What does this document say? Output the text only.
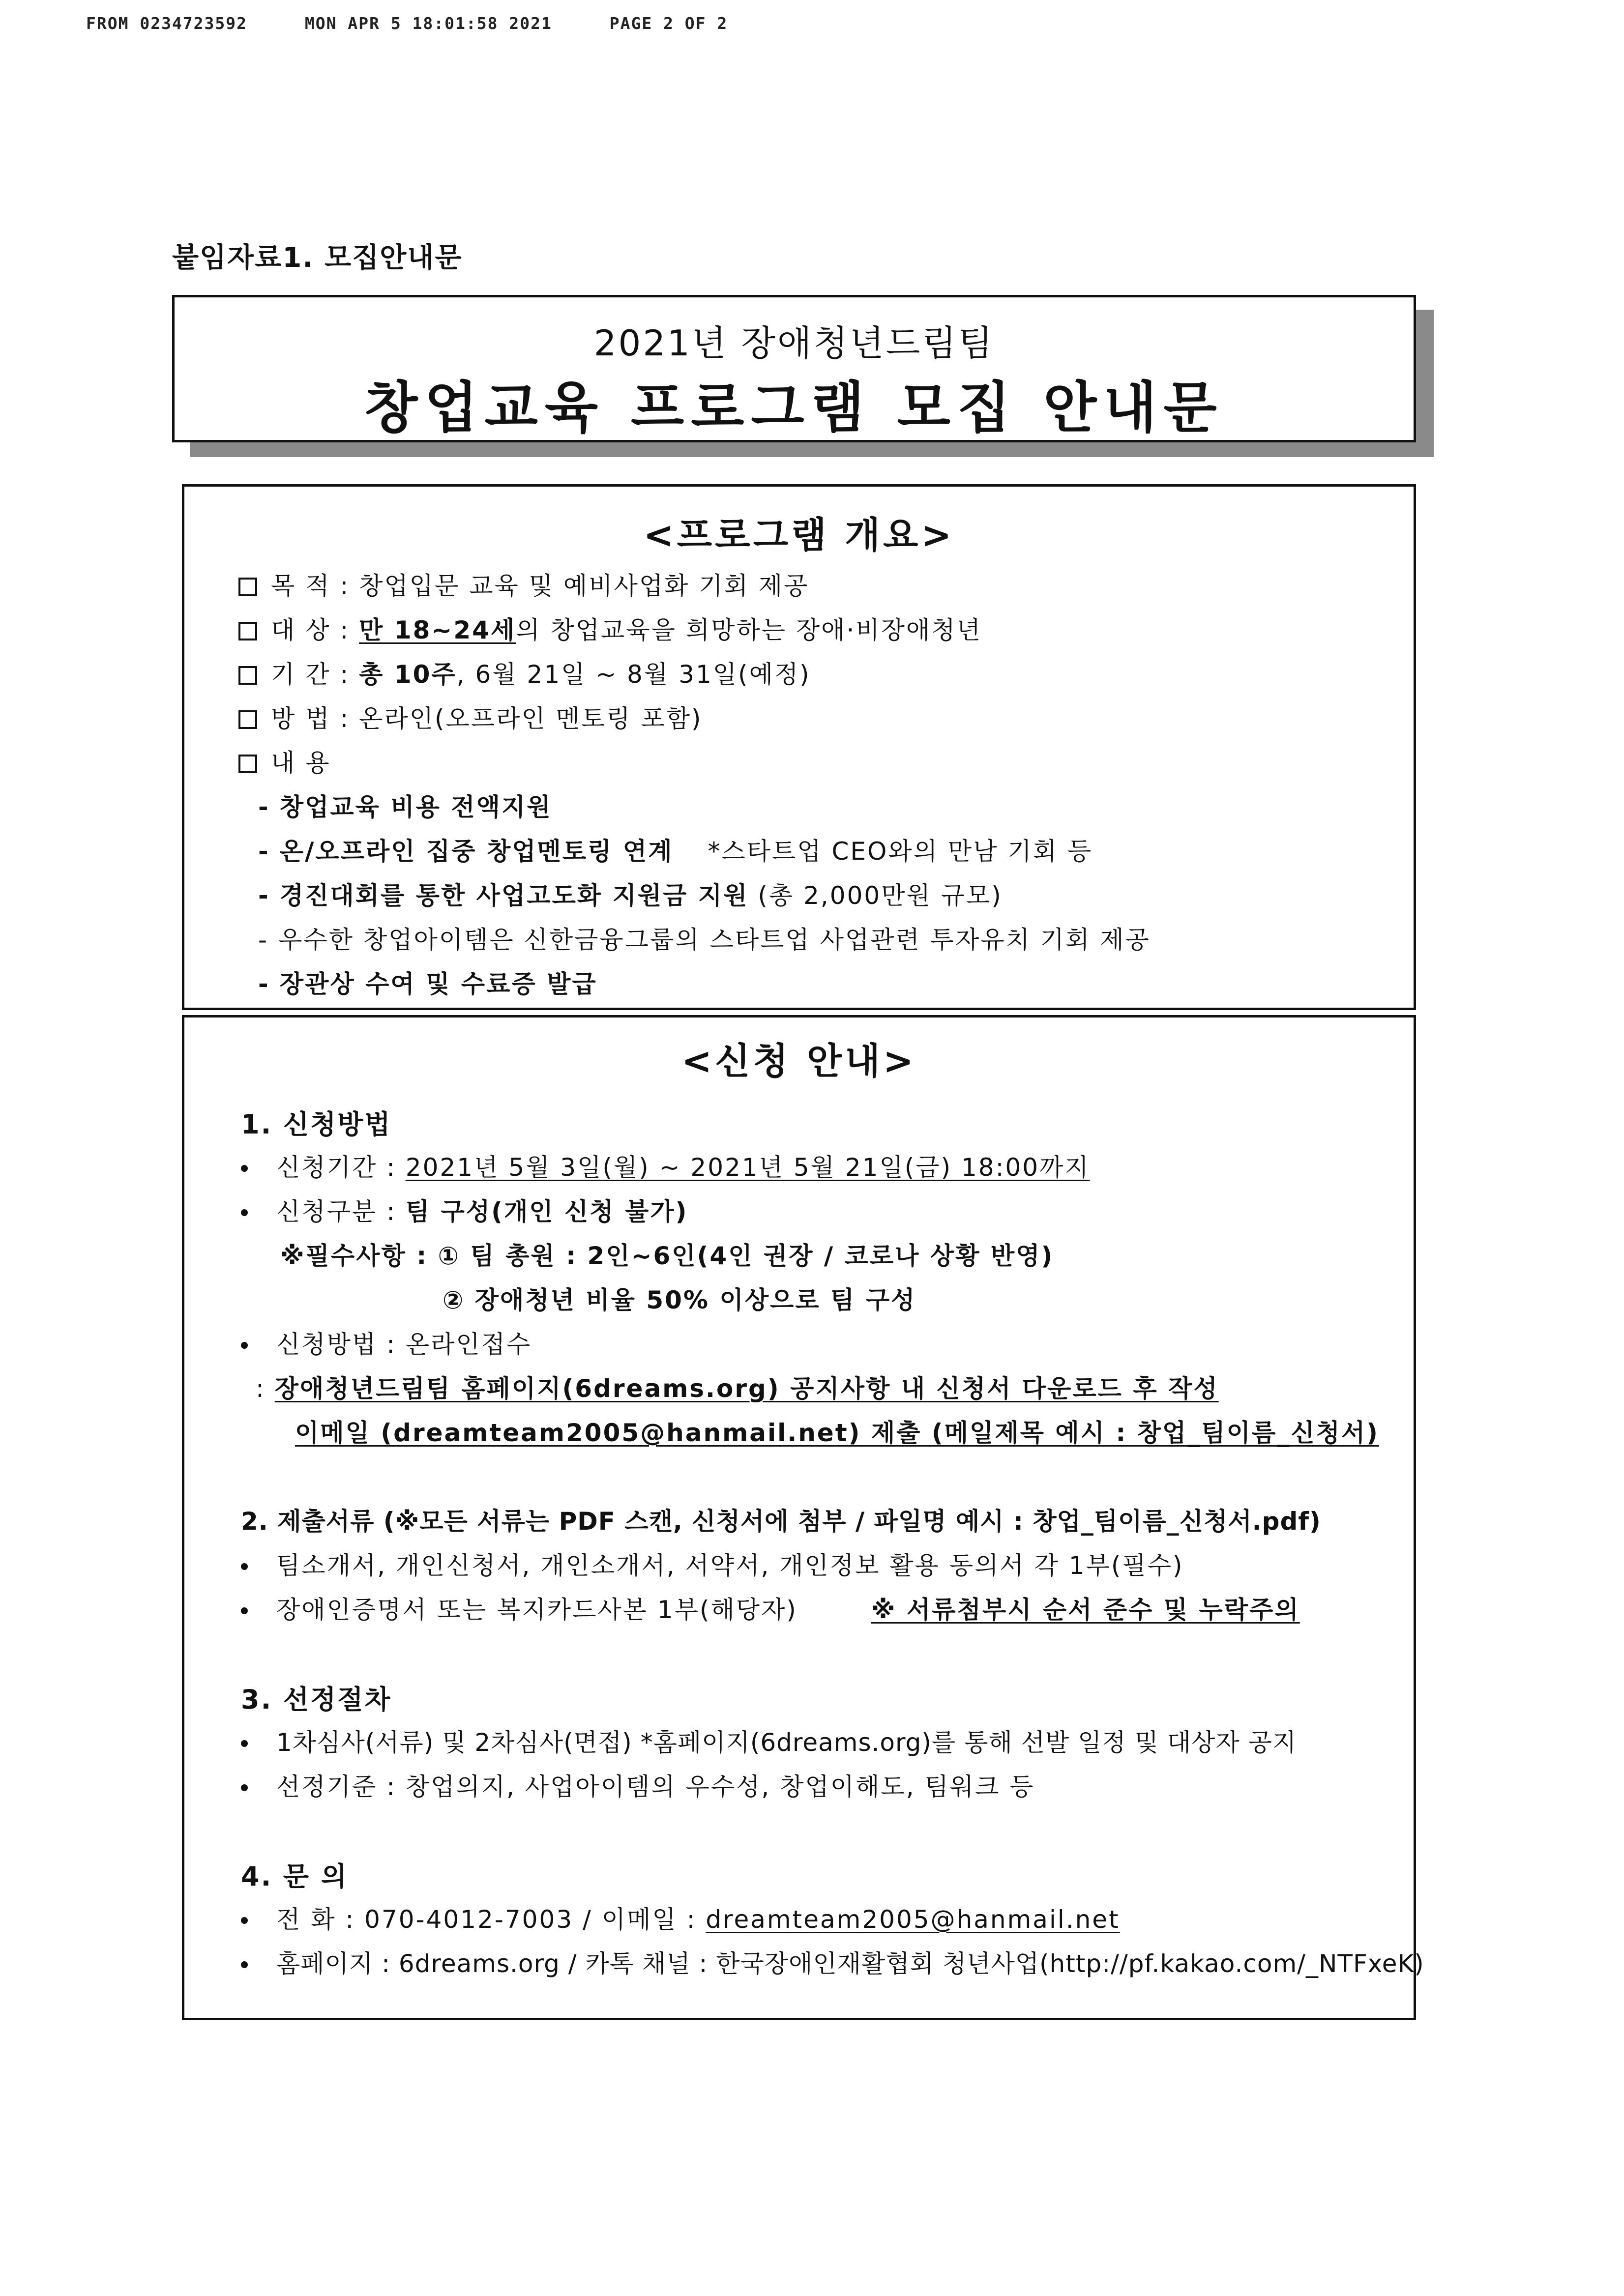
FROM 0234723592	MON APR 5 18:01:58 2021	PAGE 2 OF 2
붙임자료1. 모집안내문
2021년 장애청년드림팀
창업교육 프로그램 모집 안내문
<프로그램 개요>
목 적 : 창업입문 교육 및 예비사업화 기회 제공
대 상 : 만 18~24세의 창업교육을 희망하는 장애·비장애청년
기 간 : 총 10주, 6월 21일 ~ 8월 31일(예정)
방 법 : 온라인(오프라인 멘토링 포함)
내 용
- 창업교육 비용 전액지원
- 온/오프라인 집중 창업멘토링 연계 *스타트업 CEO와의 만남 기회 등
- 경진대회를 통한 사업고도화 지원금 지원 (총 2,000만원 규모)
- 우수한 창업아이템은 신한금융그룹의 스타트업 사업관련 투자유치 기회 제공
- 장관상 수여 및 수료증 발급
<신청 안내>
1. 신청방법
신청기간 : 2021년 5월 3일(월) ~ 2021년 5월 21일(금) 18:00까지
신청구분 : 팀 구성(개인 신청 불가)
※필수사항 : ① 팀 총원 : 2인~6인(4인 권장 / 코로나 상황 반영)
② 장애청년 비율 50% 이상으로 팀 구성
신청방법 : 온라인접수
: 장애청년드림팀 홈페이지(6dreams.org) 공지사항 내 신청서 다운로드 후 작성
이메일 (dreamteam2005@hanmail.net) 제출 (메일제목 예시 : 창업_팀이름_신청서)
2. 제출서류 (※모든 서류는 PDF 스캔, 신청서에 첨부 / 파일명 예시 : 창업_팀이름_신청서.pdf)
팀소개서, 개인신청서, 개인소개서, 서약서, 개인정보 활용 동의서 각 1부(필수)
장애인증명서 또는 복지카드사본 1부(해당자)	※ 서류첨부시 순서 준수 및 누락주의
3. 선정절차
1차심사(서류) 및 2차심사(면접) *홈페이지(6dreams.org)를 통해 선발 일정 및 대상자 공지
선정기준 : 창업의지, 사업아이템의 우수성, 창업이해도, 팀워크 등
4. 문 의
전 화 : 070-4012-7003 / 이메일 : dreamteam2005@hanmail.net
홈페이지 : 6dreams.org / 카톡 채널 : 한국장애인재활협회 청년사업(http://pf.kakao.com/_NTFxeK)
